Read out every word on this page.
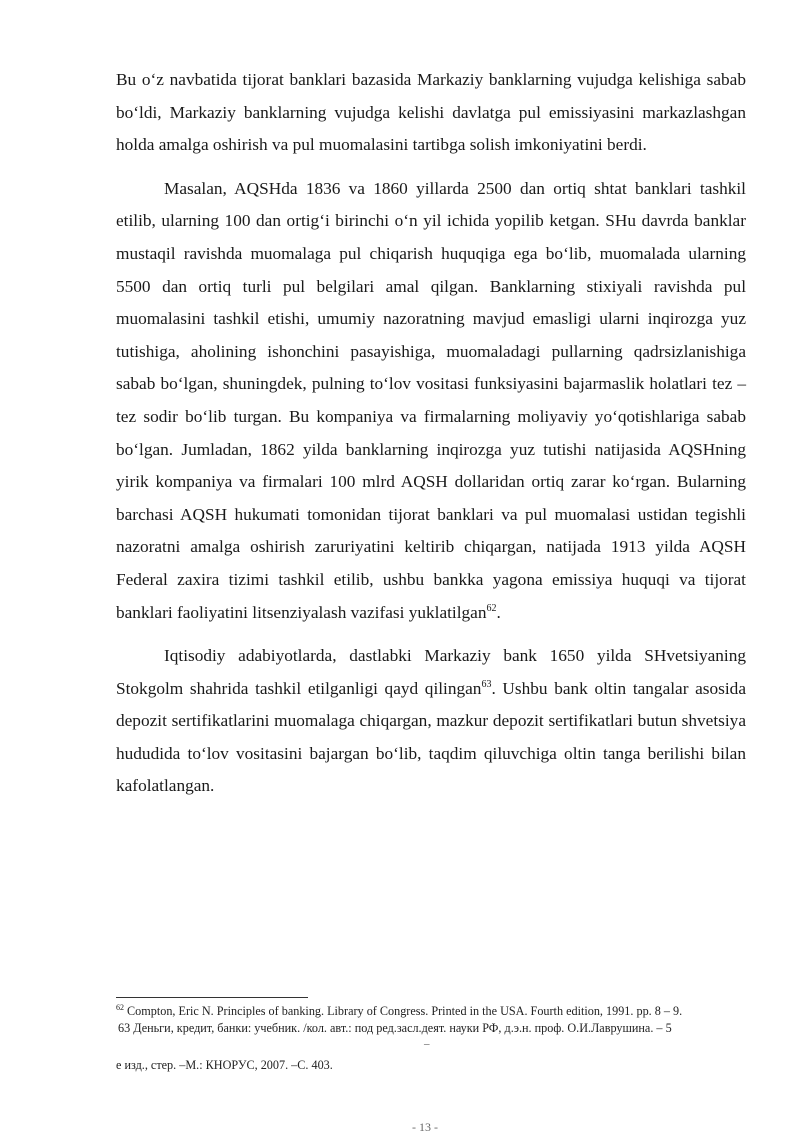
Bu o‘z navbatida tijorat banklari bazasida Markaziy banklarning vujudga kelishiga sabab bo‘ldi, Markaziy banklarning vujudga kelishi davlatga pul emissiyasini markazlashgan holda amalga oshirish va pul muomalasini tartibga solish imkoniyatini berdi.

Masalan, AQSHda 1836 va 1860 yillarda 2500 dan ortiq shtat banklari tashkil etilib, ularning 100 dan ortig‘i birinchi o‘n yil ichida yopilib ketgan. SHu davrda banklar mustaqil ravishda muomalaga pul chiqarish huquqiga ega bo‘lib, muomalada ularning 5500 dan ortiq turli pul belgilari amal qilgan. Banklarning stixiyali ravishda pul muomalasini tashkil etishi, umumiy nazoratning mavjud emasligi ularni inqirozga yuz tutishiga, aholining ishonchini pasayishiga, muomaladagi pullarning qadrsizlanishiga sabab bo‘lgan, shuningdek, pulning to‘lov vositasi funksiyasini bajarmaslik holatlari tez – tez sodir bo‘lib turgan. Bu kompaniya va firmalarning moliyaviy yo‘qotishlariga sabab bo‘lgan. Jumladan, 1862 yilda banklarning inqirozga yuz tutishi natijasida AQSHning yirik kompaniya va firmalari 100 mlrd AQSH dollaridan ortiq zarar ko‘rgan. Bularning barchasi AQSH hukumati tomonidan tijorat banklari va pul muomalasi ustidan tegishli nazoratni amalga oshirish zaruriyatini keltirib chiqargan, natijada 1913 yilda AQSH Federal zaxira tizimi tashkil etilib, ushbu bankka yagona emissiya huquqi va tijorat banklari faoliyatini litsenziyalash vazifasi yuklatilgan$^{62}$.

Iqtisodiy adabiyotlarda, dastlabki Markaziy bank 1650 yilda SHvetsiyaning Stokgolm shahrida tashkil etilganligi qayd qilingan$^{63}$. Ushbu bank oltin tangalar asosida depozit sertifikatlarini muomalaga chiqargan, mazkur depozit sertifikatlari butun shvetsiya hududida to‘lov vositasini bajargan bo‘lib, taqdim qiluvchiga oltin tanga berilishi bilan kafolatlangan.

$^{62}$ Compton, Eric N. Principles of banking. Library of Congress. Printed in the USA. Fourth edition, 1991. pp. 8 – 9.

63 Деньги, кредит, банки: учебник. /кол. авт.: под ред.засл.деят. науки РФ, д.э.н. проф. О.И.Лаврушина. – 5

е изд., стер. –М.: КНОРУС, 2007. –С. 403.

–
- 13 -
